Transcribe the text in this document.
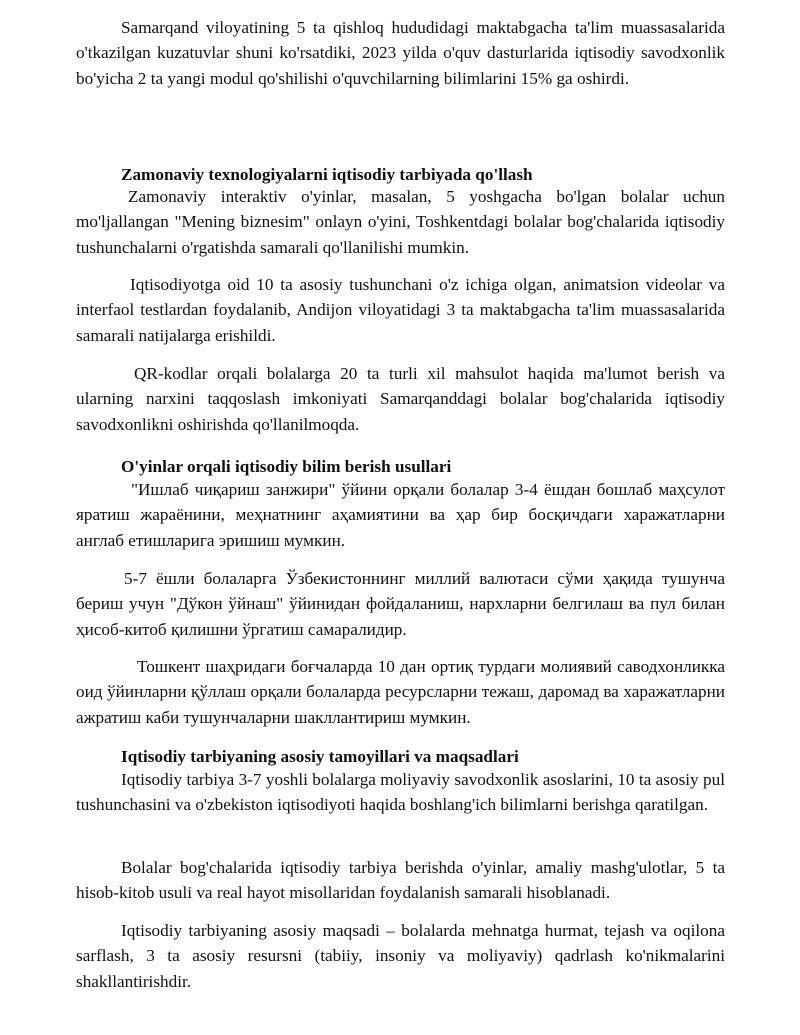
Samarqand viloyatining 5 ta qishloq hududidagi maktabgacha ta'lim muassasalarida o'tkazilgan kuzatuvlar shuni ko'rsatdiki, 2023 yilda o'quv dasturlarida iqtisodiy savodxonlik bo'yicha 2 ta yangi modul qo'shilishi o'quvchilarning bilimlarini 15% ga oshirdi.

Zamonaviy texnologiyalarni iqtisodiy tarbiyada qo'llash

Zamonaviy interaktiv o'yinlar, masalan, 5 yoshgacha bo'lgan bolalar uchun mo'ljallangan "Mening biznesim" onlayn o'yini, Toshkentdagi bolalar bog'chalarida iqtisodiy tushunchalarni o'rgatishda samarali qo'llanilishi mumkin.

Iqtisodiyotga oid 10 ta asosiy tushunchani o'z ichiga olgan, animatsion videolar va interfaol testlardan foydalanib, Andijon viloyatidagi 3 ta maktabgacha ta'lim muassasalarida samarali natijalarga erishildi.

QR-kodlar orqali bolalarga 20 ta turli xil mahsulot haqida ma'lumot berish va ularning narxini taqqoslash imkoniyati Samarqanddagi bolalar bog'chalarida iqtisodiy savodxonlikni oshirishda qo'llanilmoqda.

O'yinlar orqali iqtisodiy bilim berish usullari

"Ишлаб чиқариш занжири" ўйини орқали болалар 3-4 ёшдан бошлаб маҳсулот яратиш жараёнини, меҳнатнинг аҳамиятини ва ҳар бир босқичдаги харажатларни англаб етишларига эришиш мумкин.

5-7 ёшли болаларга Ўзбекистоннинг миллий валютаси сўми ҳақида тушунча бериш учун "Дўкон ўйнаш" ўйинидан фойдаланиш, нархларни белгилаш ва пул билан ҳисоб-китоб қилишни ўргатиш самаралидир.

Тошкент шаҳридаги боғчаларда 10 дан ортиқ турдаги молиявий саводхонликка оид ўйинларни қўллаш орқали болаларда ресурсларни тежаш, даромад ва харажатларни ажратиш каби тушунчаларни шакллантириш мумкин.

Iqtisodiy tarbiyaning asosiy tamoyillari va maqsadlari

Iqtisodiy tarbiya 3-7 yoshli bolalarga moliyaviy savodxonlik asoslarini, 10 ta asosiy pul tushunchasini va o'zbekiston iqtisodiyoti haqida boshlang'ich bilimlarni berishga qaratilgan.

Bolalar bog'chalarida iqtisodiy tarbiya berishda o'yinlar, amaliy mashg'ulotlar, 5 ta hisob-kitob usuli va real hayot misollaridan foydalanish samarali hisoblanadi.

Iqtisodiy tarbiyaning asosiy maqsadi – bolalarda mehnatga hurmat, tejash va oqilona sarflash, 3 ta asosiy resursni (tabiiy, insoniy va moliyaviy) qadrlash ko'nikmalarini shakllantirishdir.
